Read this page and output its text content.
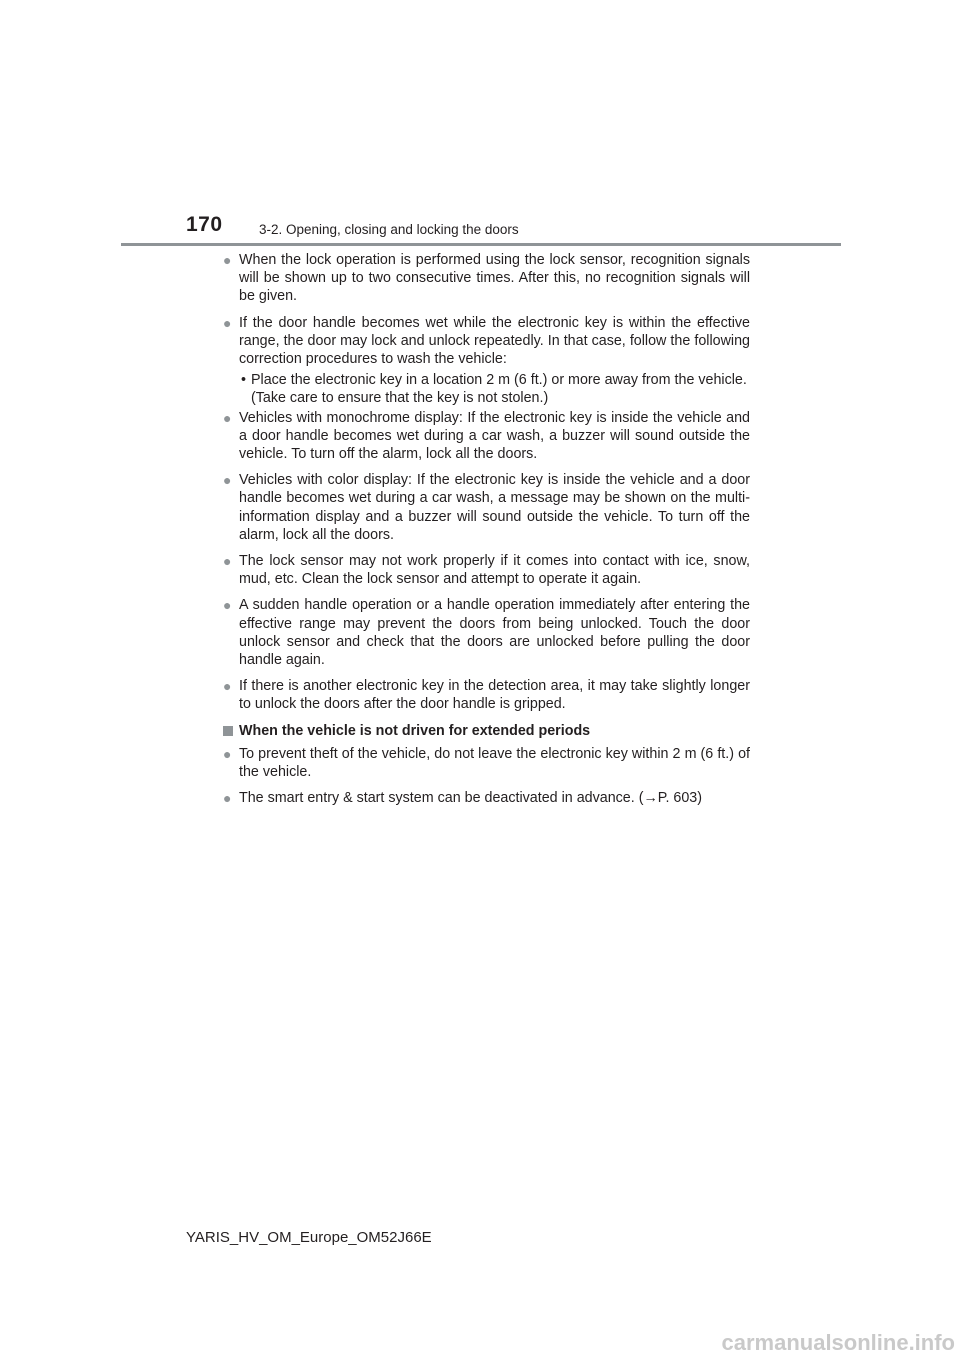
170	3-2. Opening, closing and locking the doors
● When the lock operation is performed using the lock sensor, recognition signals will be shown up to two consecutive times. After this, no recognition signals will be given.
● If the door handle becomes wet while the electronic key is within the effective range, the door may lock and unlock repeatedly. In that case, follow the following correction procedures to wash the vehicle:
• Place the electronic key in a location 2 m (6 ft.) or more away from the vehicle. (Take care to ensure that the key is not stolen.)
● Vehicles with monochrome display: If the electronic key is inside the vehicle and a door handle becomes wet during a car wash, a buzzer will sound outside the vehicle. To turn off the alarm, lock all the doors.
● Vehicles with color display: If the electronic key is inside the vehicle and a door handle becomes wet during a car wash, a message may be shown on the multi-information display and a buzzer will sound outside the vehicle. To turn off the alarm, lock all the doors.
● The lock sensor may not work properly if it comes into contact with ice, snow, mud, etc. Clean the lock sensor and attempt to operate it again.
● A sudden handle operation or a handle operation immediately after entering the effective range may prevent the doors from being unlocked. Touch the door unlock sensor and check that the doors are unlocked before pulling the door handle again.
● If there is another electronic key in the detection area, it may take slightly longer to unlock the doors after the door handle is gripped.
When the vehicle is not driven for extended periods
● To prevent theft of the vehicle, do not leave the electronic key within 2 m (6 ft.) of the vehicle.
● The smart entry & start system can be deactivated in advance. (→P. 603)
YARIS_HV_OM_Europe_OM52J66E
carmanualsonline.info
